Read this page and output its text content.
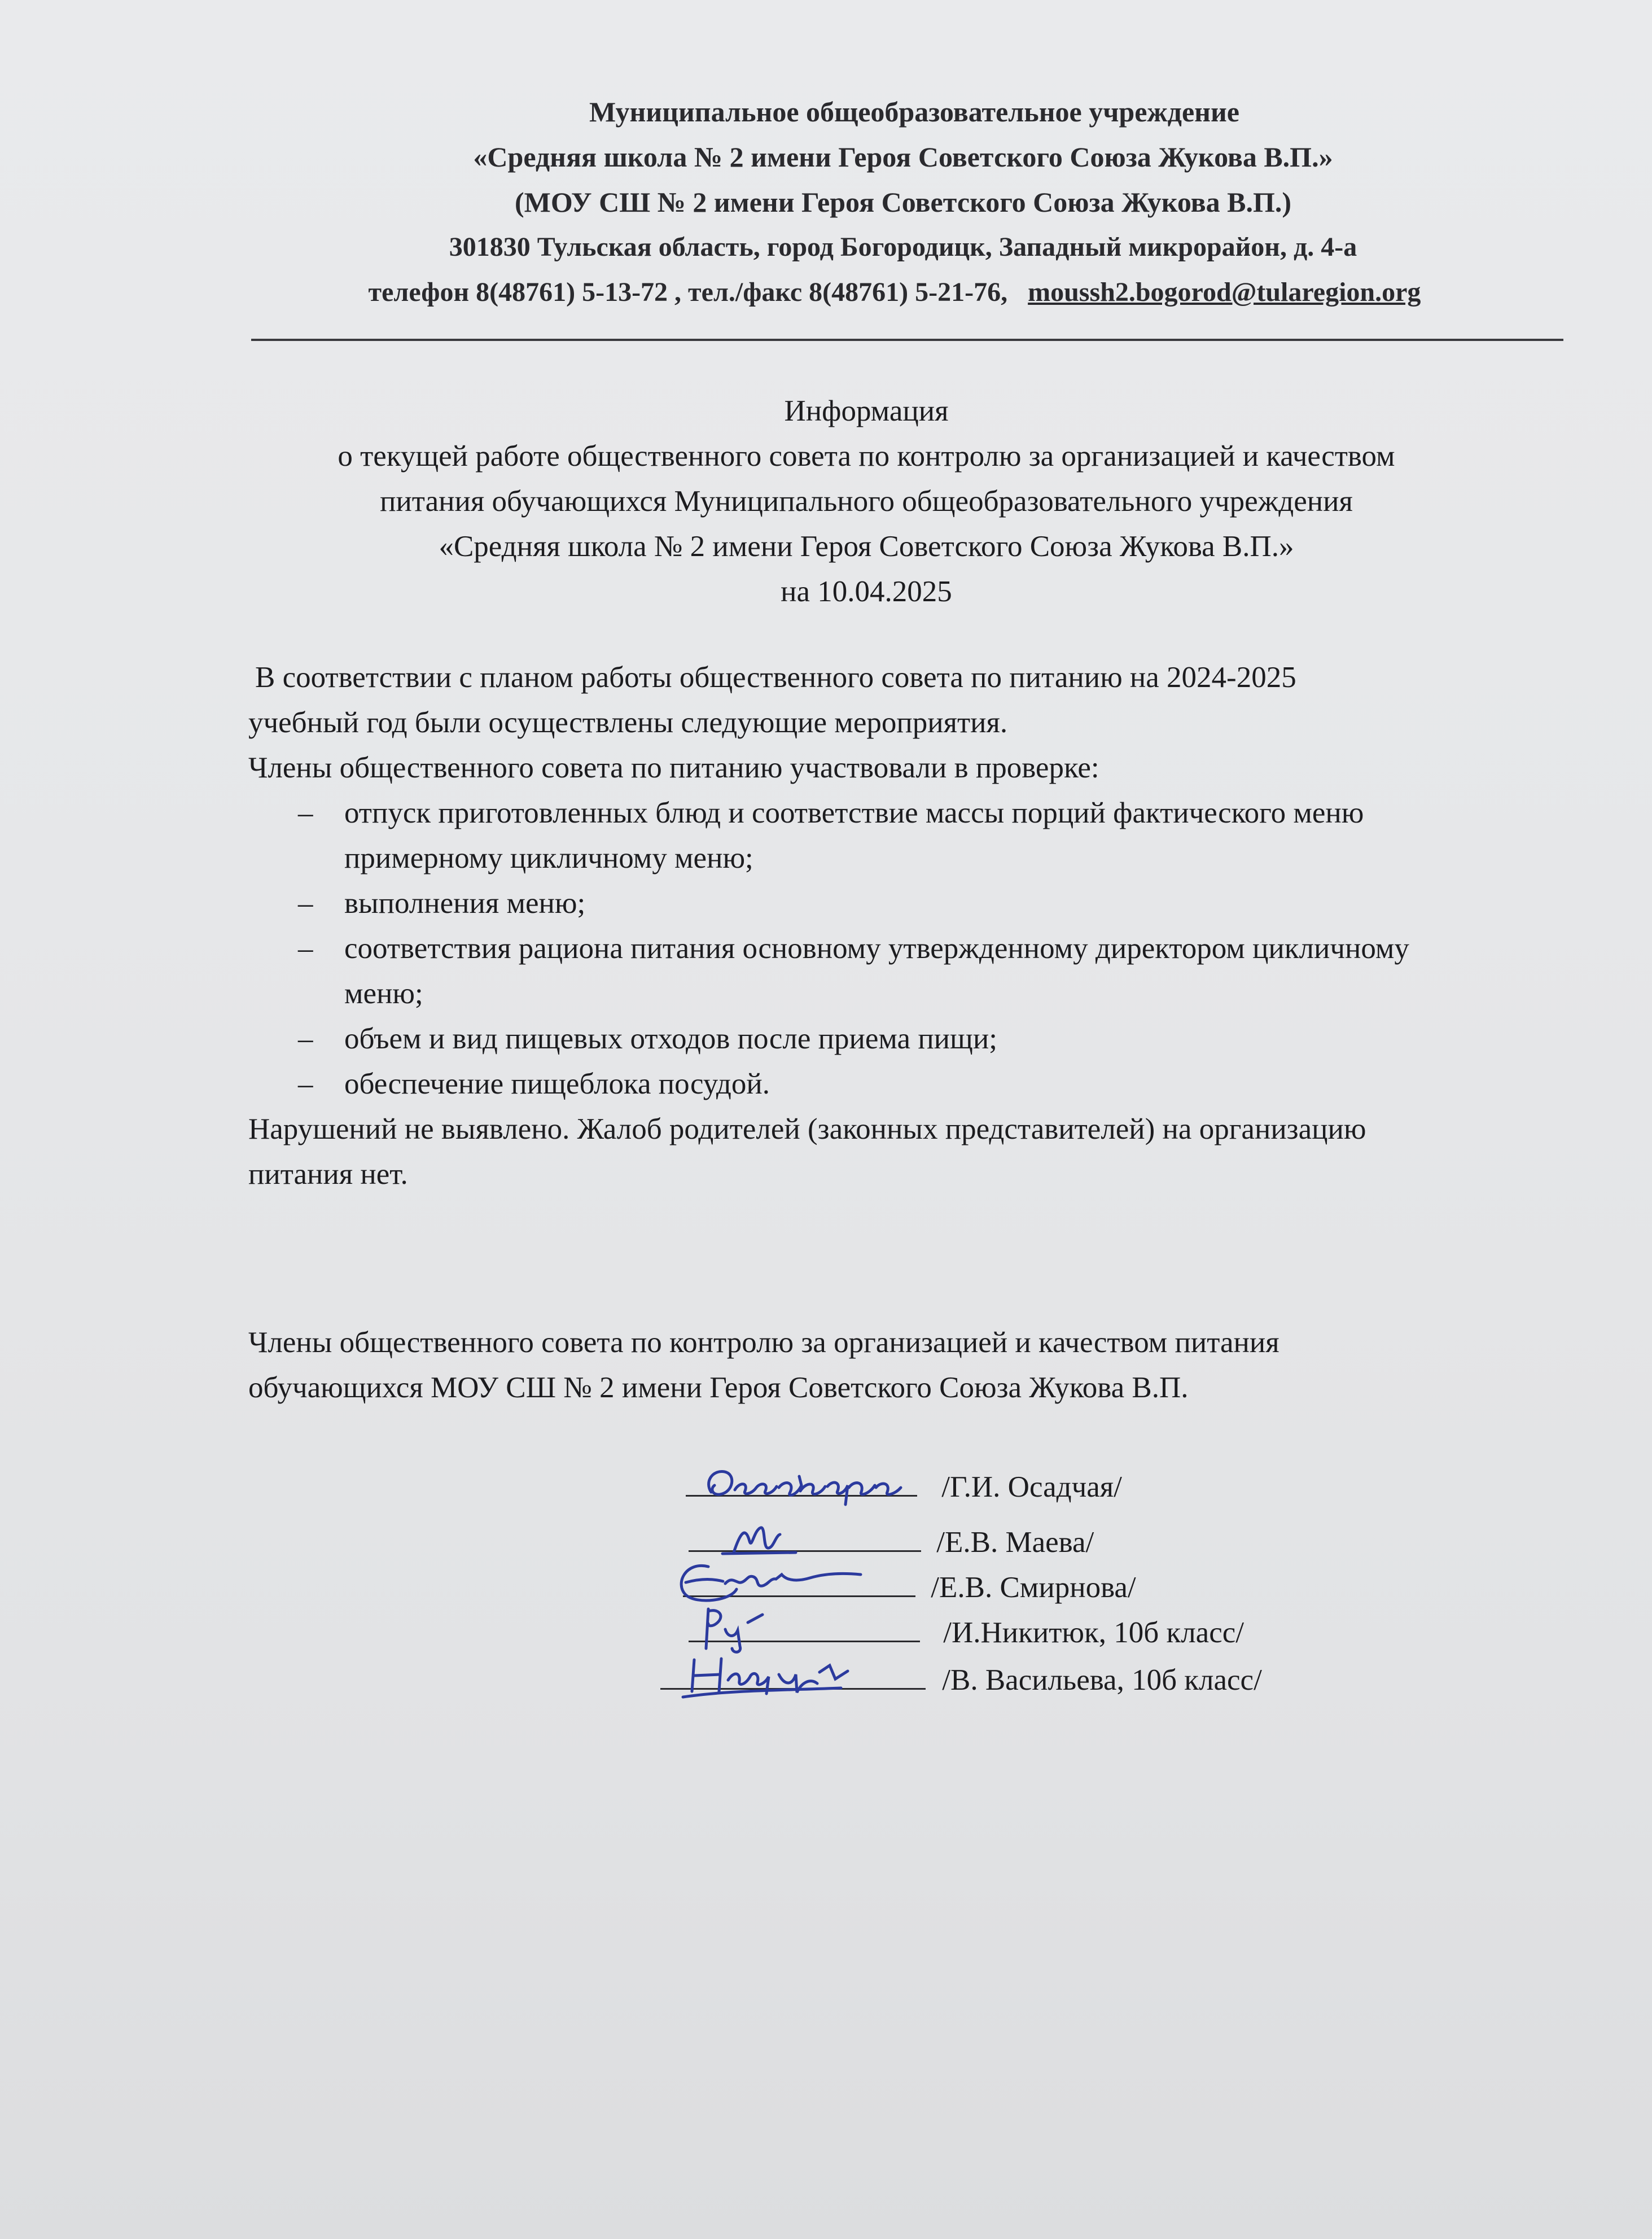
Муниципальное общеобразовательное учреждение
«Средняя школа № 2 имени Героя Советского Союза Жукова В.П.»
(МОУ СШ № 2 имени Героя Советского Союза Жукова В.П.)
301830 Тульская область, город Богородицк, Западный микрорайон, д. 4-а
телефон 8(48761) 5-13-72 , тел./факс 8(48761) 5-21-76, moussh2.bogorod@tularegion.org
Информация
о текущей работе общественного совета по контролю за организацией и качеством
питания обучающихся Муниципального общеобразовательного учреждения
«Средняя школа № 2 имени Героя Советского Союза Жукова В.П.»
на 10.04.2025

В соответствии с планом работы общественного совета по питанию на 2024-2025

учебный год были осуществлены следующие мероприятия.

Члены общественного совета по питанию участвовали в проверке:

– отпуск приготовленных блюд и соответствие массы порций фактического меню
примерному цикличному меню;
– выполнения меню;
– соответствия рациона питания основному утвержденному директором цикличному
меню;
– объем и вид пищевых отходов после приема пищи;
– обеспечение пищеблока посудой.

Нарушений не выявлено. Жалоб родителей (законных представителей) на организацию

питания нет.

Члены общественного совета по контролю за организацией и качеством питания
обучающихся МОУ СШ № 2 имени Героя Советского Союза Жукова В.П.
/Г.И. Осадчая/
/Е.В. Маева/
/Е.В. Смирнова/
/И.Никитюк, 10б класс/
/В. Васильева, 10б класс/
